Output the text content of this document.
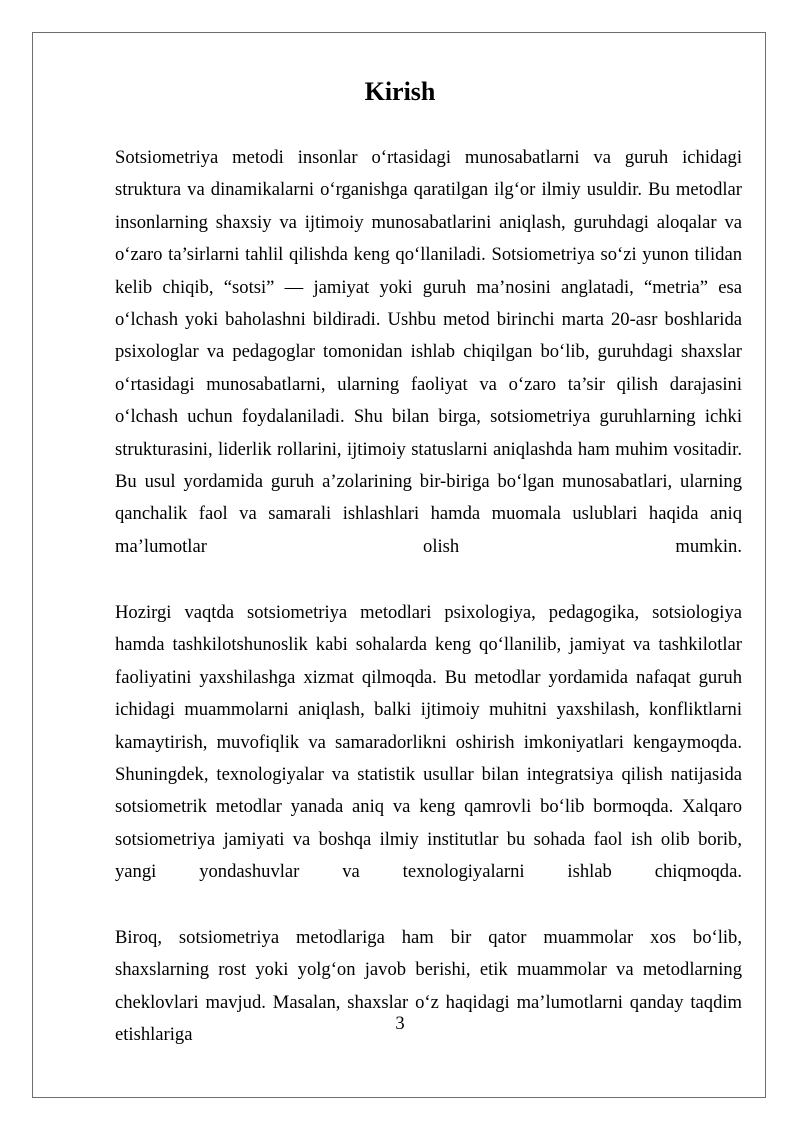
Kirish

Sotsiometriya metodi insonlar o‘rtasidagi munosabatlarni va guruh ichidagi struktura va dinamikalarni o‘rganishga qaratilgan ilg‘or ilmiy usuldir. Bu metodlar insonlarning shaxsiy va ijtimoiy munosabatlarini aniqlash, guruhdagi aloqalar va o‘zaro ta’sirlarni tahlil qilishda keng qo‘llaniladi. Sotsiometriya so‘zi yunon tilidan kelib chiqib, “sotsi” — jamiyat yoki guruh ma’nosini anglatadi, “metria” esa o‘lchash yoki baholashni bildiradi. Ushbu metod birinchi marta 20-asr boshlarida psixologlar va pedagoglar tomonidan ishlab chiqilgan bo‘lib, guruhdagi shaxslar o‘rtasidagi munosabatlarni, ularning faoliyat va o‘zaro ta’sir qilish darajasini o‘lchash uchun foydalaniladi. Shu bilan birga, sotsiometriya guruhlarning ichki strukturasini, liderlik rollarini, ijtimoiy statuslarni aniqlashda ham muhim vositadir. Bu usul yordamida guruh a’zolarining bir-biriga bo‘lgan munosabatlari, ularning qanchalik faol va samarali ishlashlari hamda muomala uslublari haqida aniq ma’lumotlar olish mumkin.

Hozirgi vaqtda sotsiometriya metodlari psixologiya, pedagogika, sotsiologiya hamda tashkilotshunoslik kabi sohalarda keng qo‘llanilib, jamiyat va tashkilotlar faoliyatini yaxshilashga xizmat qilmoqda. Bu metodlar yordamida nafaqat guruh ichidagi muammolarni aniqlash, balki ijtimoiy muhitni yaxshilash, konfliktlarni kamaytirish, muvofiqlik va samaradorlikni oshirish imkoniyatlari kengaymoqda. Shuningdek, texnologiyalar va statistik usullar bilan integratsiya qilish natijasida sotsiometrik metodlar yanada aniq va keng qamrovli bo‘lib bormoqda. Xalqaro sotsiometriya jamiyati va boshqa ilmiy institutlar bu sohada faol ish olib borib, yangi yondashuvlar va texnologiyalarni ishlab chiqmoqda.

Biroq, sotsiometriya metodlariga ham bir qator muammolar xos bo‘lib, shaxslarning rost yoki yolg‘on javob berishi, etik muammolar va metodlarning cheklovlari mavjud. Masalan, shaxslar o‘z haqidagi ma’lumotlarni qanday taqdim etishlariga

3
